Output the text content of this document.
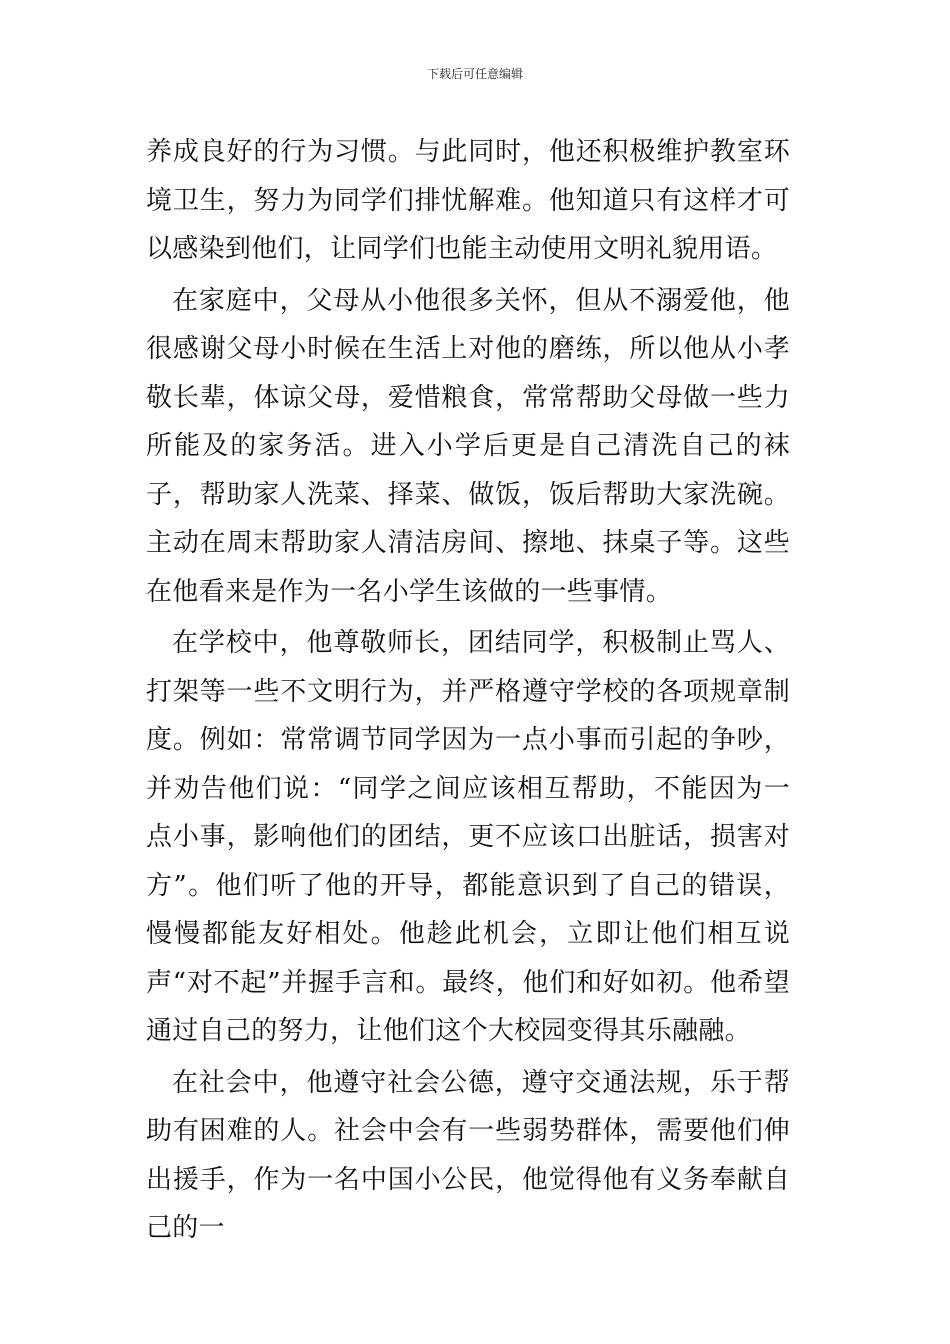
下载后可任意编辑

养成良好的行为习惯。与此同时，他还积极维护教室环境卫生，努力为同学们排忧解难。他知道只有这样才可以感染到他们，让同学们也能主动使用文明礼貌用语。

在家庭中，父母从小他很多关怀，但从不溺爱他，他很感谢父母小时候在生活上对他的磨练，所以他从小孝敬长辈，体谅父母，爱惜粮食，常常帮助父母做一些力所能及的家务活。进入小学后更是自己清洗自己的袜子，帮助家人洗菜、择菜、做饭，饭后帮助大家洗碗。主动在周末帮助家人清洁房间、擦地、抹桌子等。这些在他看来是作为一名小学生该做的一些事情。

在学校中，他尊敬师长，团结同学，积极制止骂人、打架等一些不文明行为，并严格遵守学校的各项规章制度。例如：常常调节同学因为一点小事而引起的争吵，并劝告他们说：“同学之间应该相互帮助，不能因为一点小事，影响他们的团结，更不应该口出脏话，损害对方”。他们听了他的开导，都能意识到了自己的错误，慢慢都能友好相处。他趁此机会，立即让他们相互说声“对不起”并握手言和。最终，他们和好如初。他希望通过自己的努力，让他们这个大校园变得其乐融融。

在社会中，他遵守社会公德，遵守交通法规，乐于帮助有困难的人。社会中会有一些弱势群体，需要他们伸出援手，作为一名中国小公民，他觉得他有义务奉献自己的一
